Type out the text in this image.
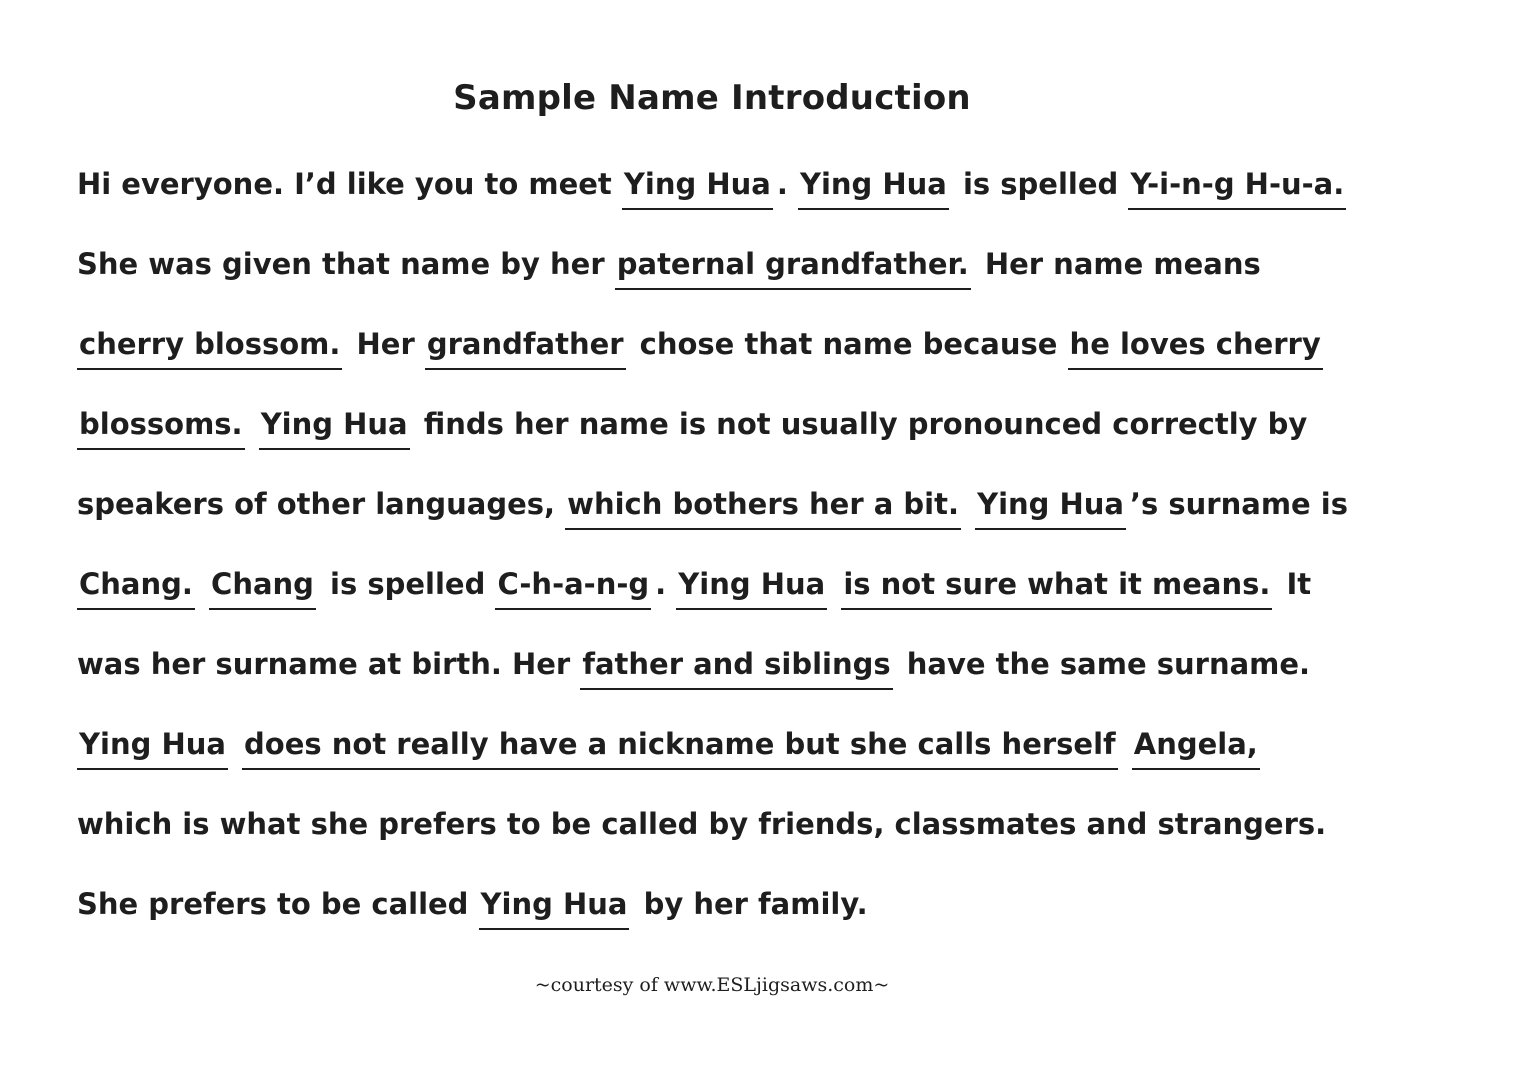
Sample Name Introduction
Hi everyone. I’d like you to meet Ying Hua . Ying Hua is spelled Y-i-n-g H-u-a.
She was given that name by her paternal grandfather. Her name means
cherry blossom. Her grandfather chose that name because he loves cherry
blossoms. Ying Hua finds her name is not usually pronounced correctly by
speakers of other languages, which bothers her a bit. Ying Hua ’s surname is
Chang. Chang is spelled C-h-a-n-g . Ying Hua is not sure what it means. It
was her surname at birth. Her father and siblings have the same surname.
Ying Hua does not really have a nickname but she calls herself Angela,
which is what she prefers to be called by friends, classmates and strangers.
She prefers to be called Ying Hua by her family.
~courtesy of www.ESLjigsaws.com~
